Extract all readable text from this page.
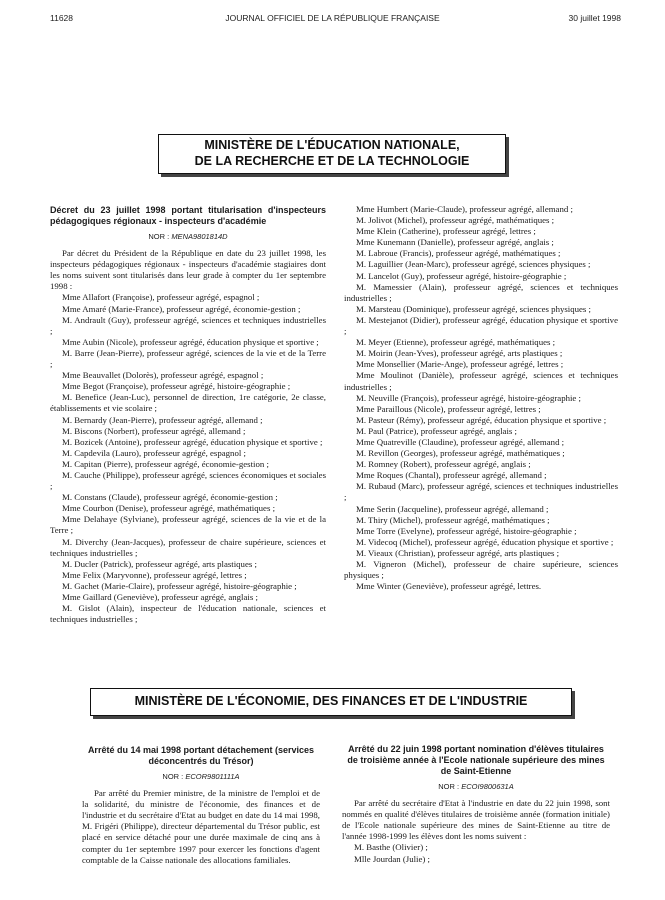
11628	JOURNAL OFFICIEL DE LA RÉPUBLIQUE FRANÇAISE	30 juillet 1998
MINISTÈRE DE L'ÉDUCATION NATIONALE,
DE LA RECHERCHE ET DE LA TECHNOLOGIE

Décret du 23 juillet 1998 portant titularisation d'inspecteurs pédagogiques régionaux - inspecteurs d'académie

NOR : MENA9801814D

Par décret du Président de la République en date du 23 juillet 1998, les inspecteurs pédagogiques régionaux - inspecteurs d'académie stagiaires dont les noms suivent sont titularisés dans leur grade à compter du 1er septembre 1998 :

Mme Allafort (Françoise), professeur agrégé, espagnol ;

Mme Amaré (Marie-France), professeur agrégé, économie-gestion ;

M. Andrault (Guy), professeur agrégé, sciences et techniques industrielles ;

Mme Aubin (Nicole), professeur agrégé, éducation physique et sportive ;

M. Barre (Jean-Pierre), professeur agrégé, sciences de la vie et de la Terre ;

Mme Beauvallet (Dolorès), professeur agrégé, espagnol ;

Mme Begot (Françoise), professeur agrégé, histoire-géographie ;

M. Benefice (Jean-Luc), personnel de direction, 1re catégorie, 2e classe, établissements et vie scolaire ;

M. Bernardy (Jean-Pierre), professeur agrégé, allemand ;

M. Biscons (Norbert), professeur agrégé, allemand ;

M. Bozicek (Antoine), professeur agrégé, éducation physique et sportive ;

M. Capdevila (Lauro), professeur agrégé, espagnol ;

M. Capitan (Pierre), professeur agrégé, économie-gestion ;

M. Cauche (Philippe), professeur agrégé, sciences économiques et sociales ;

M. Constans (Claude), professeur agrégé, économie-gestion ;

Mme Courbon (Denise), professeur agrégé, mathématiques ;

Mme Delahaye (Sylviane), professeur agrégé, sciences de la vie et de la Terre ;

M. Diverchy (Jean-Jacques), professeur de chaire supérieure, sciences et techniques industrielles ;

M. Ducler (Patrick), professeur agrégé, arts plastiques ;

Mme Felix (Maryvonne), professeur agrégé, lettres ;

M. Gachet (Marie-Claire), professeur agrégé, histoire-géographie ;

Mme Gaillard (Geneviève), professeur agrégé, anglais ;

M. Gislot (Alain), inspecteur de l'éducation nationale, sciences et techniques industrielles ;

Mme Humbert (Marie-Claude), professeur agrégé, allemand ;

M. Jolivot (Michel), professeur agrégé, mathématiques ;

Mme Klein (Catherine), professeur agrégé, lettres ;

Mme Kunemann (Danielle), professeur agrégé, anglais ;

M. Labroue (Francis), professeur agrégé, mathématiques ;

M. Laguillier (Jean-Marc), professeur agrégé, sciences physiques ;

M. Lancelot (Guy), professeur agrégé, histoire-géographie ;

M. Mamessier (Alain), professeur agrégé, sciences et techniques industrielles ;

M. Marsteau (Dominique), professeur agrégé, sciences physiques ;

M. Mestejanot (Didier), professeur agrégé, éducation physique et sportive ;

M. Meyer (Etienne), professeur agrégé, mathématiques ;

M. Moirin (Jean-Yves), professeur agrégé, arts plastiques ;

Mme Monsellier (Marie-Ange), professeur agrégé, lettres ;

Mme Moulinot (Danièle), professeur agrégé, sciences et techniques industrielles ;

M. Neuville (François), professeur agrégé, histoire-géographie ;

Mme Paraillous (Nicole), professeur agrégé, lettres ;

M. Pasteur (Rémy), professeur agrégé, éducation physique et sportive ;

M. Paul (Patrice), professeur agrégé, anglais ;

Mme Quatreville (Claudine), professeur agrégé, allemand ;

M. Revillon (Georges), professeur agrégé, mathématiques ;

M. Romney (Robert), professeur agrégé, anglais ;

Mme Roques (Chantal), professeur agrégé, allemand ;

M. Rubaud (Marc), professeur agrégé, sciences et techniques industrielles ;

Mme Serin (Jacqueline), professeur agrégé, allemand ;

M. Thiry (Michel), professeur agrégé, mathématiques ;

Mme Torre (Evelyne), professeur agrégé, histoire-géographie ;

M. Videcoq (Michel), professeur agrégé, éducation physique et sportive ;

M. Vieaux (Christian), professeur agrégé, arts plastiques ;

M. Vigneron (Michel), professeur de chaire supérieure, sciences physiques ;

Mme Winter (Geneviève), professeur agrégé, lettres.

MINISTÈRE DE L'ÉCONOMIE, DES FINANCES ET DE L'INDUSTRIE

Arrêté du 14 mai 1998 portant détachement (services déconcentrés du Trésor)

NOR : ECOR9801111A

Par arrêté du Premier ministre, de la ministre de l'emploi et de la solidarité, du ministre de l'économie, des finances et de l'industrie et du secrétaire d'Etat au budget en date du 14 mai 1998, M. Frigéri (Philippe), directeur départemental du Trésor public, est placé en service détaché pour une durée maximale de cinq ans à compter du 1er septembre 1997 pour exercer les fonctions d'agent comptable de la Caisse nationale des allocations familiales.

Arrêté du 22 juin 1998 portant nomination d'élèves titulaires de troisième année à l'Ecole nationale supérieure des mines de Saint-Etienne

NOR : ECOI9800631A

Par arrêté du secrétaire d'Etat à l'industrie en date du 22 juin 1998, sont nommés en qualité d'élèves titulaires de troisième année (formation initiale) de l'Ecole nationale supérieure des mines de Saint-Etienne au titre de l'année 1998-1999 les élèves dont les noms suivent :

M. Basthe (Olivier) ;

Mlle Jourdan (Julie) ;
